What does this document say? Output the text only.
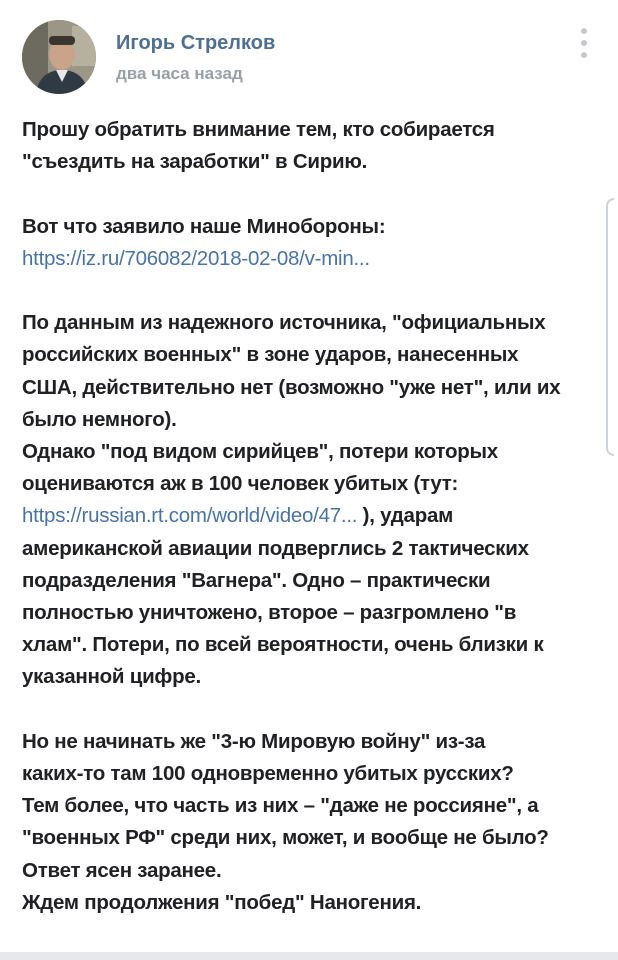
Игорь Стрелков
два часа назад
Прошу обратить внимание тем, кто собирается
"съездить на заработки" в Сирию.
Вот что заявило наше Минобороны:
https://iz.ru/706082/2018-02-08/v-min...
По данным из надежного источника, "официальных
российских военных" в зоне ударов, нанесенных
США, действительно нет (возможно "уже нет", или их
было немного).
Однако "под видом сирийцев", потери которых
оцениваются аж в 100 человек убитых (тут:
https://russian.rt.com/world/video/47... ), ударам
американской авиации подверглись 2 тактических
подразделения "Вагнера". Одно – практически
полностью уничтожено, второе – разгромлено "в
хлам". Потери, по всей вероятности, очень близки к
указанной цифре.
Но не начинать же "3-ю Мировую войну" из-за
каких-то там 100 одновременно убитых русских?
Тем более, что часть из них – "даже не россияне", а
"военных РФ" среди них, может, и вообще не было?
Ответ ясен заранее.
Ждем продолжения "побед" Наногения.
